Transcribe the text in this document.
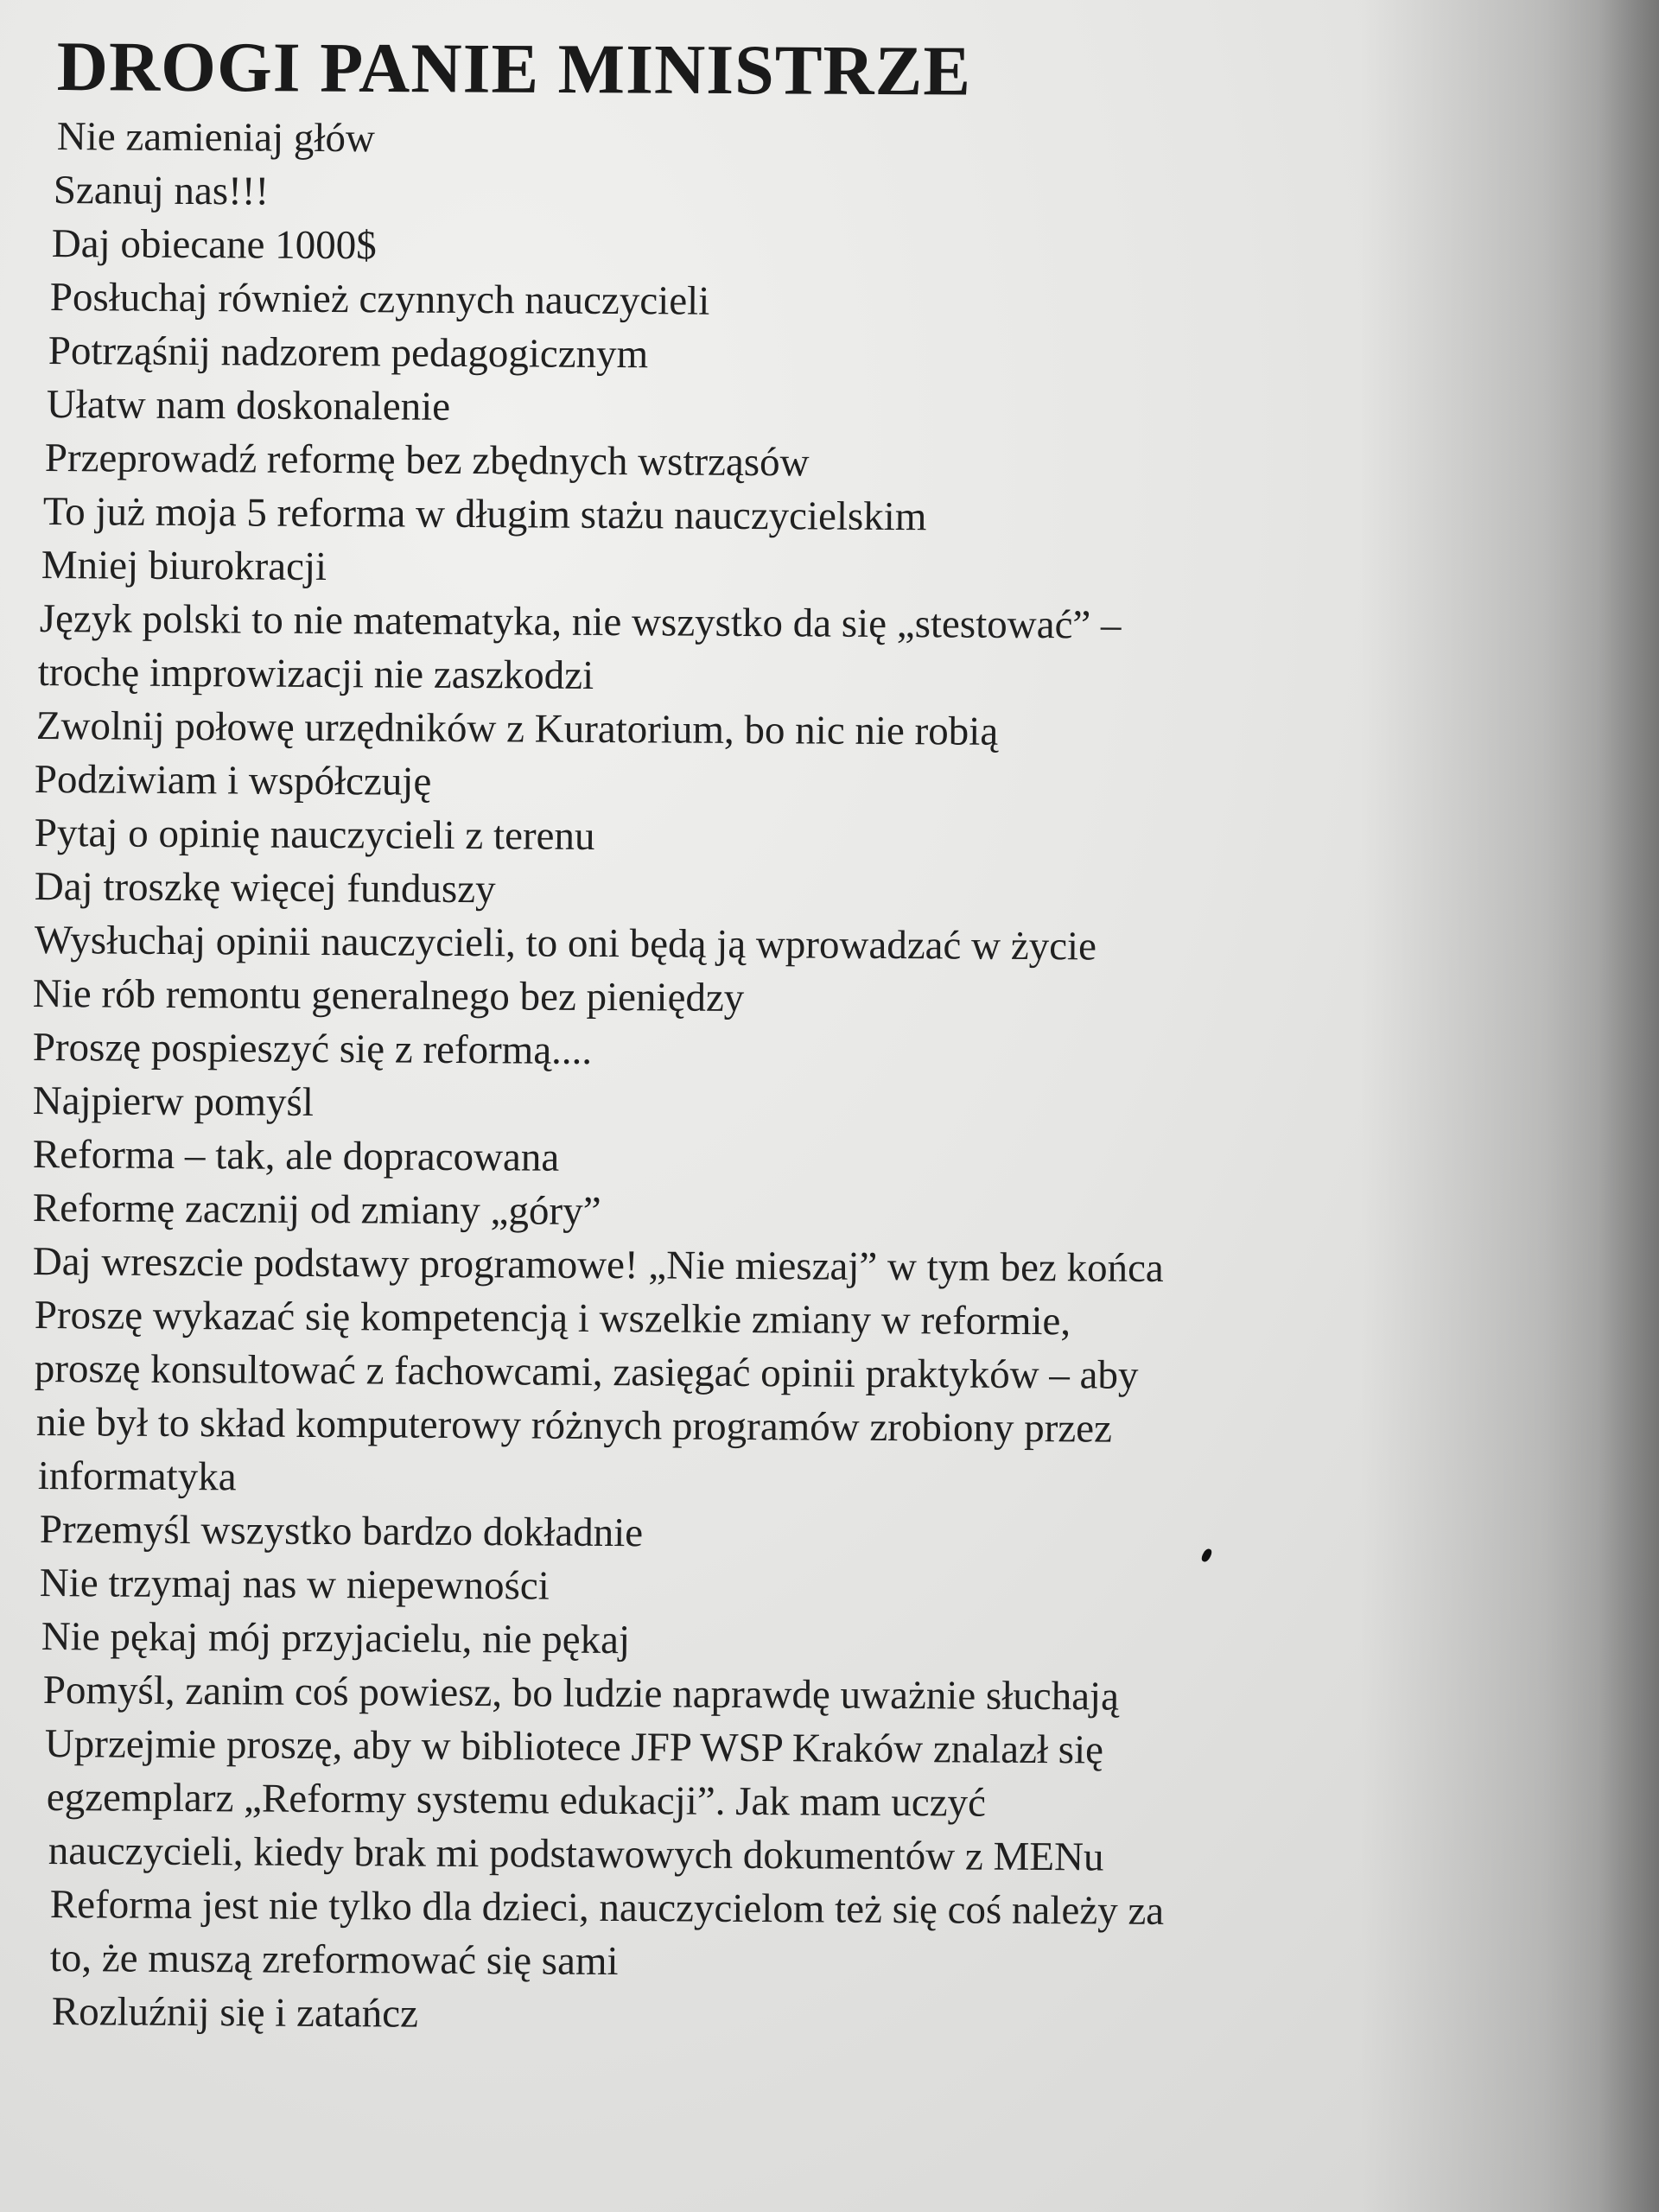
DROGI PANIE MINISTRZE
Nie zamieniaj głów
Szanuj nas!!!
Daj obiecane 1000$
Posłuchaj również czynnych nauczycieli
Potrząśnij nadzorem pedagogicznym
Ułatw nam doskonalenie
Przeprowadź reformę bez zbędnych wstrząsów
To już moja 5 reforma w długim stażu nauczycielskim
Mniej biurokracji
Język polski to nie matematyka, nie wszystko da się „stestować” –
trochę improwizacji nie zaszkodzi
Zwolnij połowę urzędników z Kuratorium, bo nic nie robią
Podziwiam i współczuję
Pytaj o opinię nauczycieli z terenu
Daj troszkę więcej funduszy
Wysłuchaj opinii nauczycieli, to oni będą ją wprowadzać w życie
Nie rób remontu generalnego bez pieniędzy
Proszę pospieszyć się z reformą....
Najpierw pomyśl
Reforma – tak, ale dopracowana
Reformę zacznij od zmiany „góry”
Daj wreszcie podstawy programowe! „Nie mieszaj” w tym bez końca
Proszę wykazać się kompetencją i wszelkie zmiany w reformie,
proszę konsultować z fachowcami, zasięgać opinii praktyków – aby
nie był to skład komputerowy różnych programów zrobiony przez
informatyka
Przemyśl wszystko bardzo dokładnie
Nie trzymaj nas w niepewności
Nie pękaj mój przyjacielu, nie pękaj
Pomyśl, zanim coś powiesz, bo ludzie naprawdę uważnie słuchają
Uprzejmie proszę, aby w bibliotece JFP WSP Kraków znalazł się
egzemplarz „Reformy systemu edukacji”. Jak mam uczyć
nauczycieli, kiedy brak mi podstawowych dokumentów z MENu
Reforma jest nie tylko dla dzieci, nauczycielom też się coś należy za
to, że muszą zreformować się sami
Rozluźnij się i zatańcz
